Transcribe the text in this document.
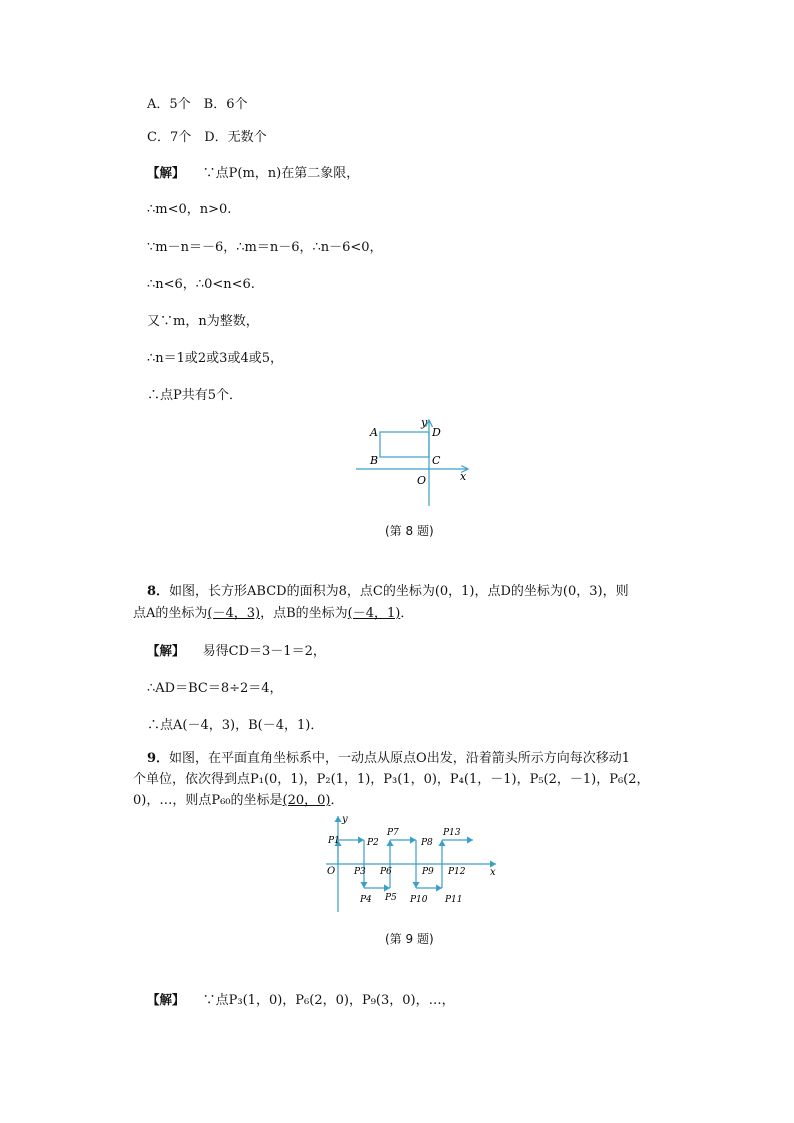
A．5个　B．6个
C．7个　D．无数个
【解】 ∵点P(m，n)在第二象限，
∴m<0，n>0.
∵m－n＝－6，∴m＝n－6，∴n－6<0，
∴n<6，∴0<n<6.
又∵m，n为整数，
∴n＝1或2或3或4或5，
∴点P共有5个．
A
B	C
D
O	x
y
(第 8 题)
8．如图，长方形ABCD的面积为8，点C的坐标为(0，1)，点D的坐标为(0，3)，则
点A的坐标为(－4，3)，点B的坐标为(－4，1)．
【解】 易得CD＝3－1＝2，
∴AD＝BC＝8÷2＝4，
∴点A(－4，3)，B(－4，1)．
9．如图，在平面直角坐标系中，一动点从原点O出发，沿着箭头所示方向每次移动1
个单位，依次得到点P₁(0，1)，P₂(1，1)，P₃(1，0)，P₄(1，－1)，P₅(2，－1)，P₆(2，
0)，…，则点P₆₀的坐标是(20，0)．
P1	P2
P3
P4 P5
P6
P7
P8
P9
P10 P11
P12
P13
O	x
y
(第 9 题)
【解】 ∵点P₃(1，0)，P₆(2，0)，P₉(3，0)，…，
